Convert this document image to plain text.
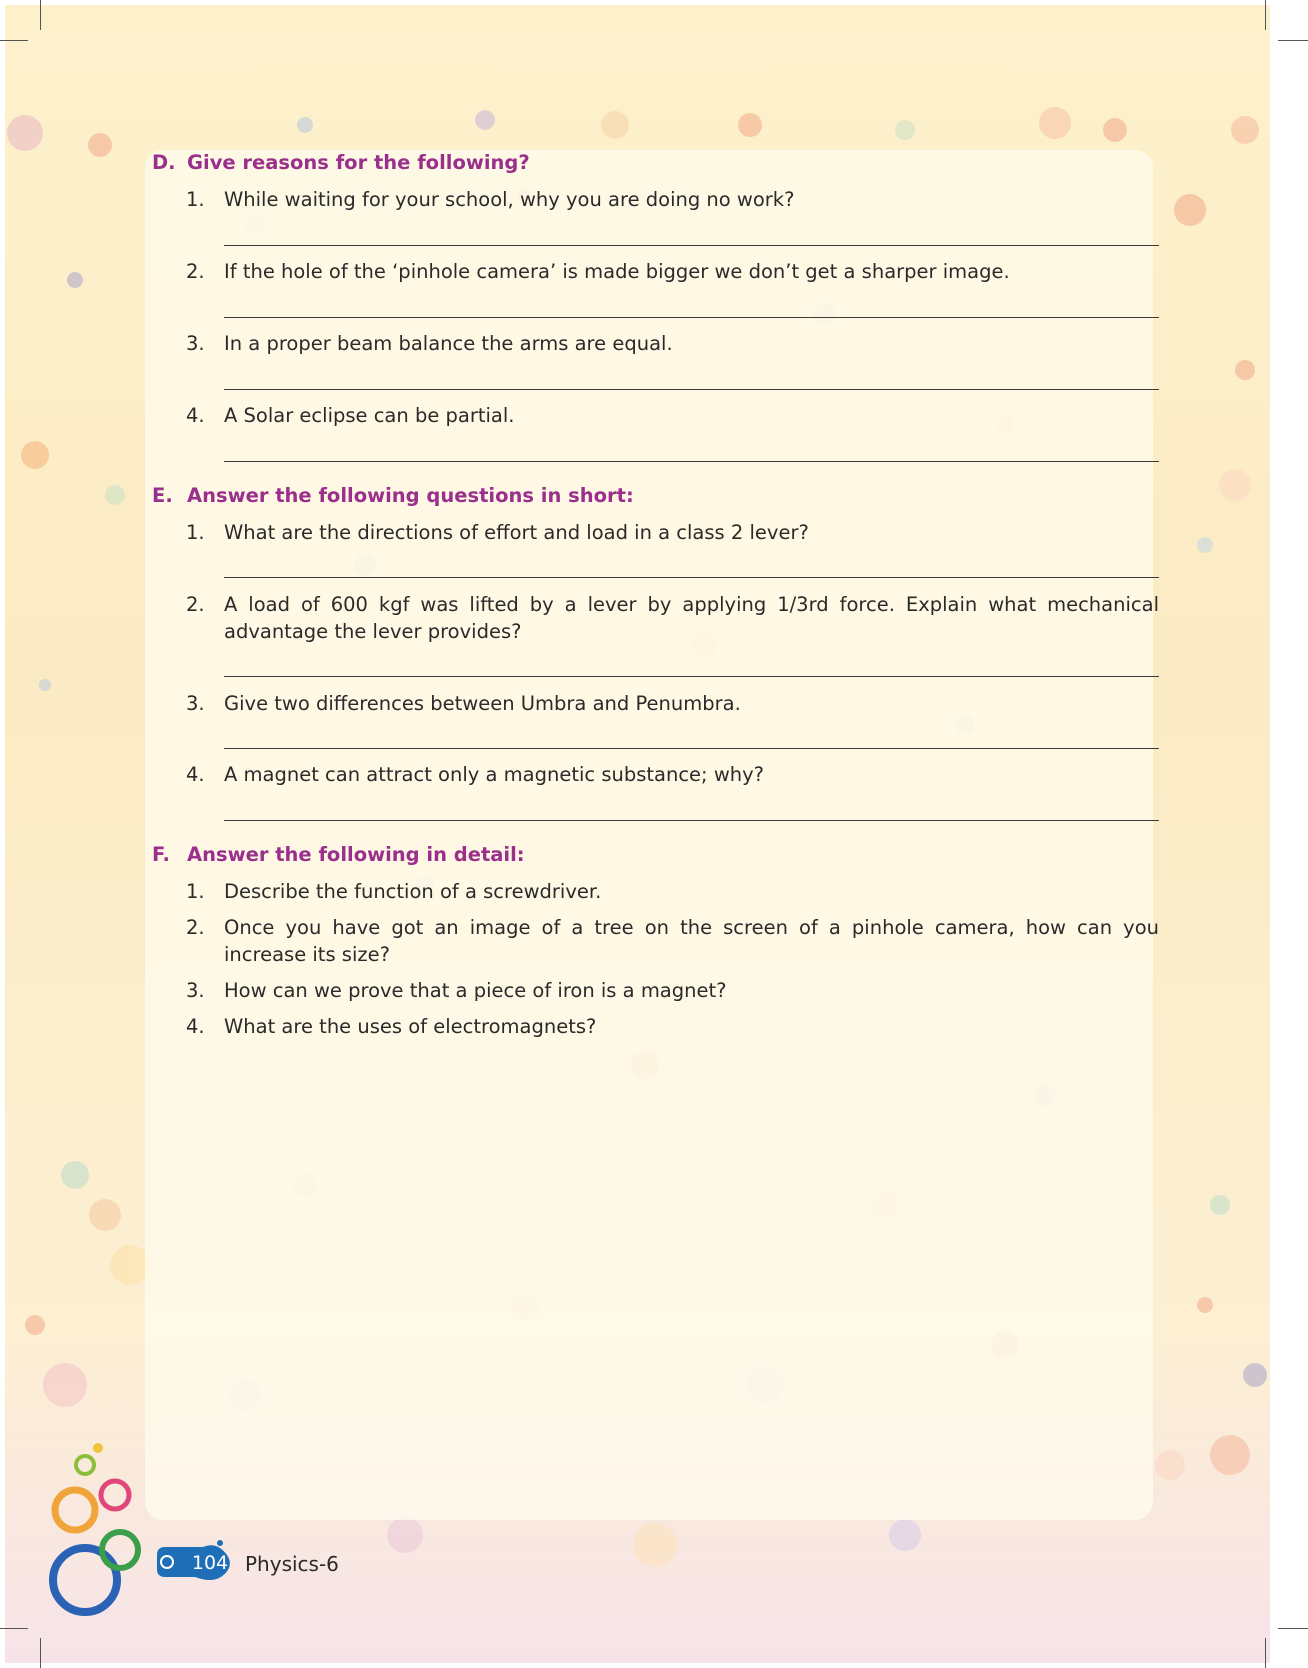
D. Give reasons for the following?
1. While waiting for your school, why you are doing no work?
2. If the hole of the ‘pinhole camera’ is made bigger we don’t get a sharper image.
3. In a proper beam balance the arms are equal.
4. A Solar eclipse can be partial.
E. Answer the following questions in short:
1. What are the directions of effort and load in a class 2 lever?
2. A load of 600 kgf was lifted by a lever by applying 1/3rd force. Explain what mechanical advantage the lever provides?
3. Give two differences between Umbra and Penumbra.
4. A magnet can attract only a magnetic substance; why?
F. Answer the following in detail:
1. Describe the function of a screwdriver.
2. Once you have got an image of a tree on the screen of a pinhole camera, how can you increase its size?
3. How can we prove that a piece of iron is a magnet?
4. What are the uses of electromagnets?
104 Physics-6
